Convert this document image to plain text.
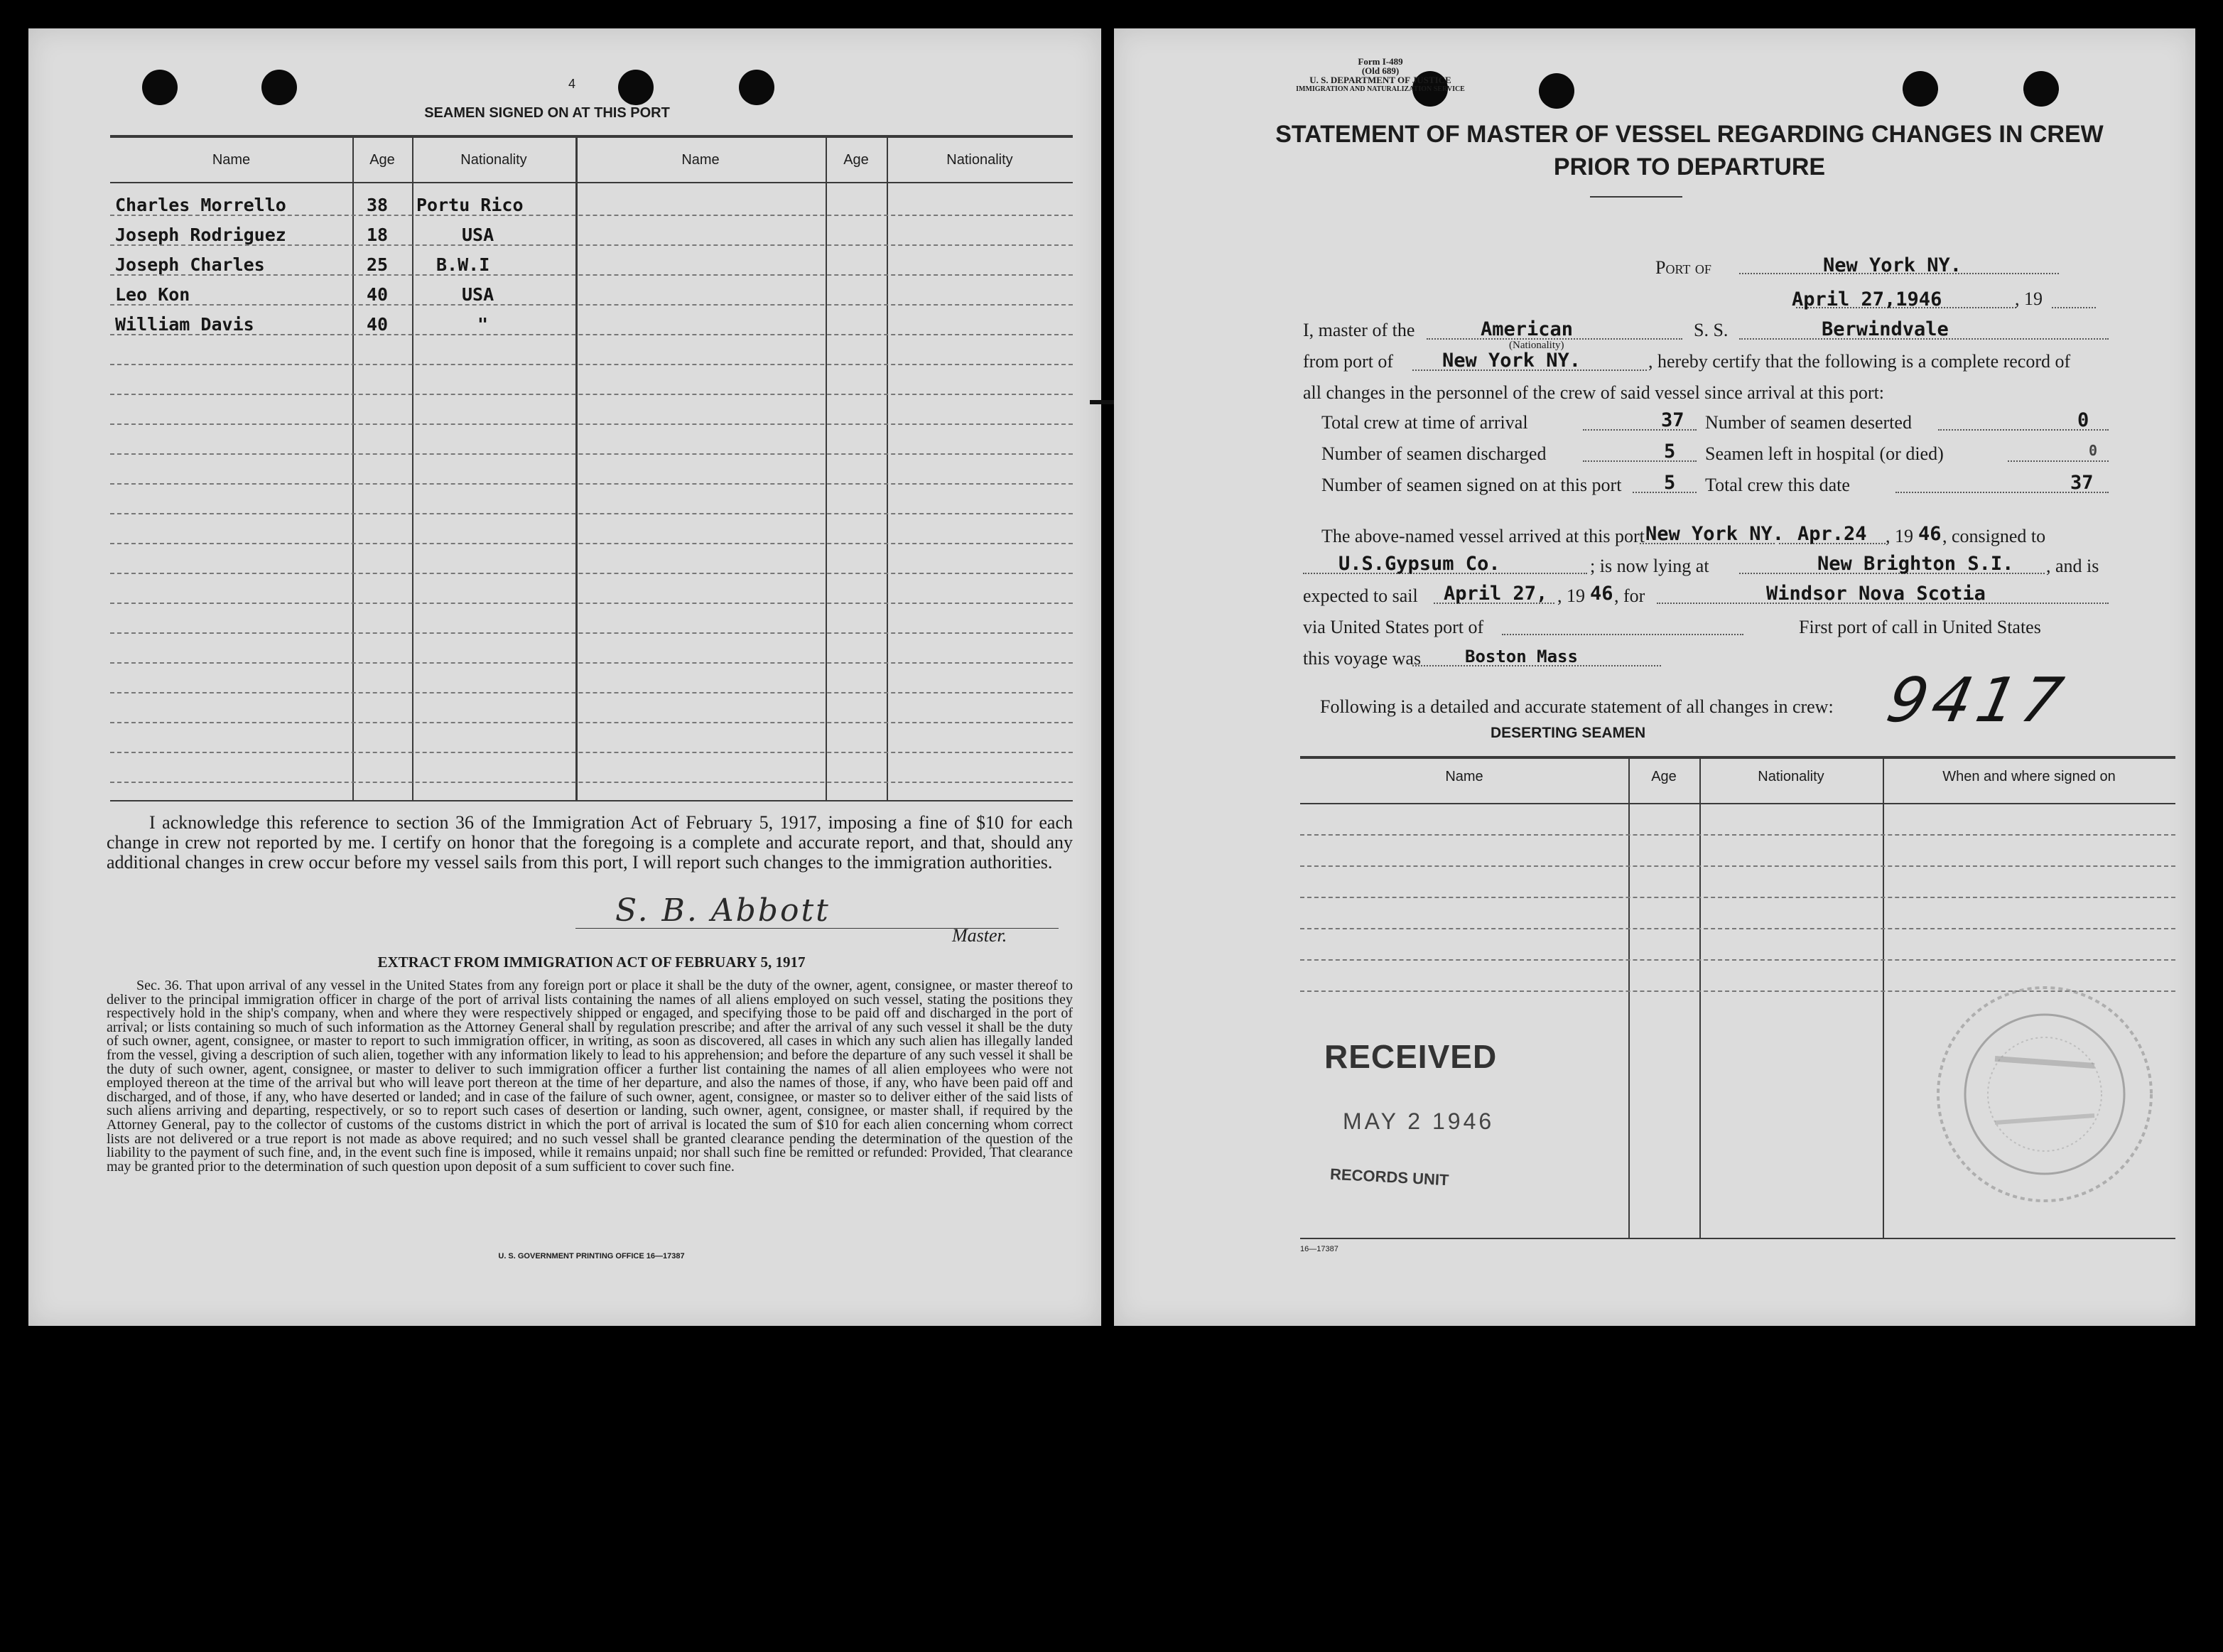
4
SEAMEN SIGNED ON AT THIS PORT
Name	Age	Nationality	Name	Age	Nationality
Charles Morrello	38 Portu Rico
Joseph Rodriguez	18	USA
Joseph Charles	25	B.W.I
Leo Kon	40	USA
William Davis	40	"
I acknowledge this reference to section 36 of the Immigration Act of February 5, 1917, imposing a fine of $10 for each change in crew not reported by me. I certify on honor that the foregoing is a complete and accurate report, and that, should any additional changes in crew occur before my vessel sails from this port, I will report such changes to the immigration authorities.
S. B. Abbott
Master.
EXTRACT FROM IMMIGRATION ACT OF FEBRUARY 5, 1917
Sec. 36. That upon arrival of any vessel in the United States from any foreign port or place it shall be the duty of the owner, agent, consignee, or master thereof to deliver to the principal immigration officer in charge of the port of arrival lists containing the names of all aliens employed on such vessel, stating the positions they respectively hold in the ship's company, when and where they were respectively shipped or engaged, and specifying those to be paid off and discharged in the port of arrival; or lists containing so much of such information as the Attorney General shall by regulation prescribe; and after the arrival of any such vessel it shall be the duty of such owner, agent, consignee, or master to report to such immigration officer, in writing, as soon as discovered, all cases in which any such alien has illegally landed from the vessel, giving a description of such alien, together with any information likely to lead to his apprehension; and before the departure of any such vessel it shall be the duty of such owner, agent, consignee, or master to deliver to such immigration officer a further list containing the names of all alien employees who were not employed thereon at the time of the arrival but who will leave port thereon at the time of her departure, and also the names of those, if any, who have been paid off and discharged, and of those, if any, who have deserted or landed; and in case of the failure of such owner, agent, consignee, or master so to deliver either of the said lists of such aliens arriving and departing, respectively, or so to report such cases of desertion or landing, such owner, agent, consignee, or master shall, if required by the Attorney General, pay to the collector of customs of the customs district in which the port of arrival is located the sum of $10 for each alien concerning whom correct lists are not delivered or a true report is not made as above required; and no such vessel shall be granted clearance pending the determination of the question of the liability to the payment of such fine, and, in the event such fine is imposed, while it remains unpaid; nor shall such fine be remitted or refunded: Provided, That clearance may be granted prior to the determination of such question upon deposit of a sum sufficient to cover such fine.
U. S. GOVERNMENT PRINTING OFFICE 16—17387
Form I-489
(Old 689)
U. S. DEPARTMENT OF JUSTICE
IMMIGRATION AND NATURALIZATION SERVICE
STATEMENT OF MASTER OF VESSEL REGARDING CHANGES IN CREW
PRIOR TO DEPARTURE
Port of	New York NY.
April 27,1946	, 19
I, master of the	American
(Nationality)
S. S.	Berwindvale
from port of	New York NY.	, hereby certify that the following is a complete record of
all changes in the personnel of the crew of said vessel since arrival at this port:
Total crew at time of arrival	37
Number of seamen discharged	5
Number of seamen signed on at this port 5
Number of seamen deserted	0
Seamen left in hospital (or died)	0
Total crew this date	37
The above-named vessel arrived at this port New York NY. Apr.24 , 19 46 , consigned to
U.S.Gypsum Co.	; is now lying at	New Brighton S.I. , and is
expected to sail April 27, , 19 46 , for	Windsor Nova Scotia
via United States port of	First port of call in United States
this voyage was	Boston Mass
Following is a detailed and accurate statement of all changes in crew: 9417
DESERTING SEAMEN
Name	Age	Nationality	When and where signed on
RECEIVED
MAY 2 1946
RECORDS UNIT
16—17387
